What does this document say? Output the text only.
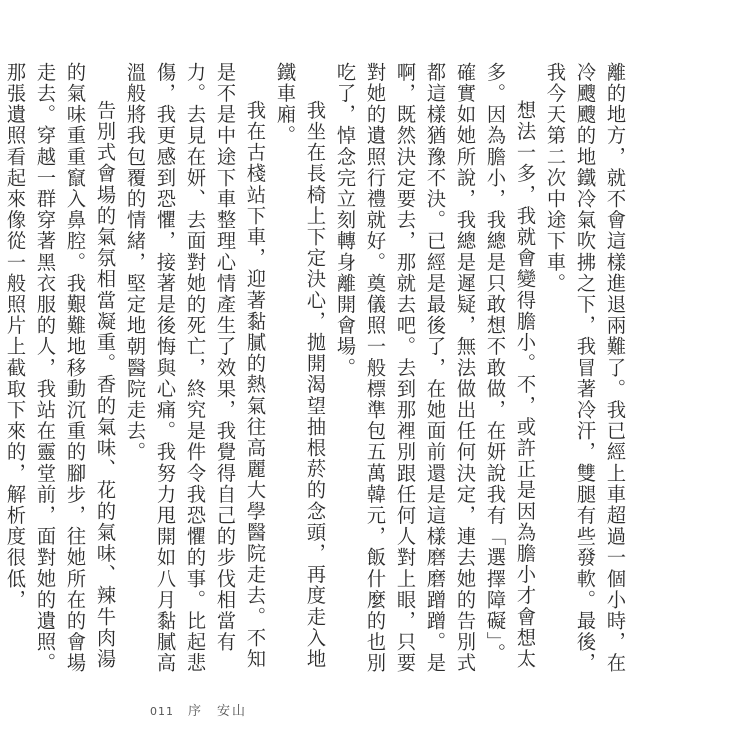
離的地方，就不會這樣進退兩難了。我已經上車超過一個小時，在冷颼颼的地鐵冷氣吹拂之下，我冒著冷汗，雙腿有些發軟。最後，我今天第二次中途下車。

想法一多，我就會變得膽小。不，或許正是因為膽小才會想太多。因為膽小，我總是只敢想不敢做，在妍說我有「選擇障礙」。確實如她所說，我總是遲疑，無法做出任何決定，連去她的告別式都這樣猶豫不決。已經是最後了，在她面前還是這樣磨磨蹭蹭。是啊，既然決定要去，那就去吧。去到那裡別跟任何人對上眼，只要對她的遺照行禮就好。奠儀照一般標準包五萬韓元，飯什麼的也別吃了，悼念完立刻轉身離開會場。

我坐在長椅上下定決心，拋開渴望抽根菸的念頭，再度走入地鐵車廂。

我在古棧站下車，迎著黏膩的熱氣往高麗大學醫院走去。不知是不是中途下車整理心情產生了效果，我覺得自己的步伐相當有力。去見在妍、去面對她的死亡，終究是件令我恐懼的事。比起悲傷，我更感到恐懼，接著是後悔與心痛。我努力甩開如八月黏膩高溫般將我包覆的情緒，堅定地朝醫院走去。

告別式會場的氣氛相當凝重。香的氣味、花的氣味、辣牛肉湯的氣味重重竄入鼻腔。我艱難地移動沉重的腳步，往她所在的會場走去。穿越一群穿著黑衣服的人，我站在靈堂前，面對她的遺照。那張遺照看起來像從一般照片上截取下來的，解析度很低，

011 序 安山
